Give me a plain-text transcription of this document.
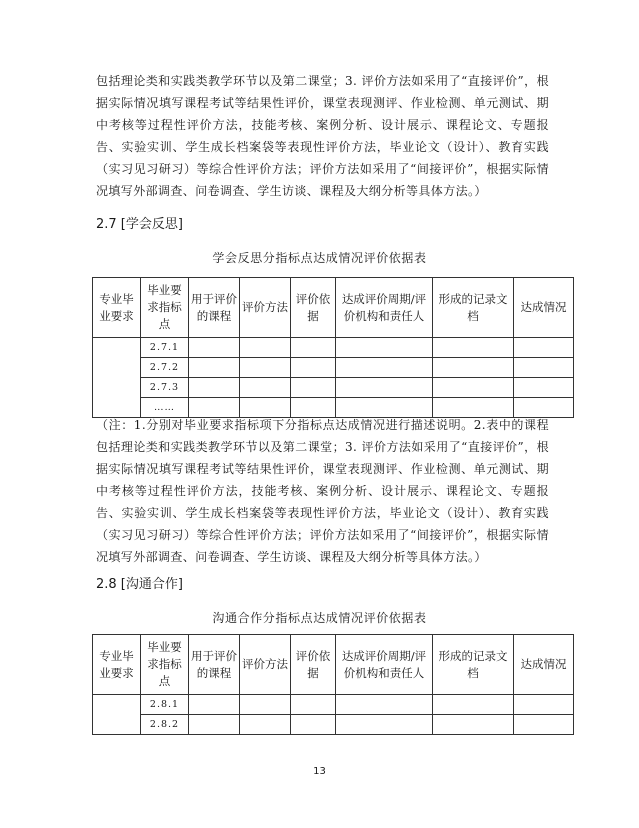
包括理论类和实践类教学环节以及第二课堂；3. 评价方法如采用了“直接评价”，根据实际情况填写课程考试等结果性评价，课堂表现测评、作业检测、单元测试、期中考核等过程性评价方法，技能考核、案例分析、设计展示、课程论文、专题报告、实验实训、学生成长档案袋等表现性评价方法，毕业论文（设计）、教育实践（实习见习研习）等综合性评价方法；评价方法如采用了“间接评价”，根据实际情况填写外部调查、问卷调查、学生访谈、课程及大纲分析等具体方法。）

2.7 [学会反思]

学会反思分指标点达成情况评价依据表

专业毕业要求	毕业要求指标点	用于评价的课程	评价方法	评价依据	达成评价周期/评价机构和责任人	形成的记录文档	达成情况
	2.7.1						
	2.7.2						
	2.7.3						
	……						

（注：1.分别对毕业要求指标项下分指标点达成情况进行描述说明。2.表中的课程包括理论类和实践类教学环节以及第二课堂；3. 评价方法如采用了“直接评价”，根据实际情况填写课程考试等结果性评价，课堂表现测评、作业检测、单元测试、期中考核等过程性评价方法，技能考核、案例分析、设计展示、课程论文、专题报告、实验实训、学生成长档案袋等表现性评价方法，毕业论文（设计）、教育实践（实习见习研习）等综合性评价方法；评价方法如采用了“间接评价”，根据实际情况填写外部调查、问卷调查、学生访谈、课程及大纲分析等具体方法。）

2.8 [沟通合作]

沟通合作分指标点达成情况评价依据表

专业毕业要求	毕业要求指标点	用于评价的课程	评价方法	评价依据	达成评价周期/评价机构和责任人	形成的记录文档	达成情况
	2.8.1						
	2.8.2						
13
